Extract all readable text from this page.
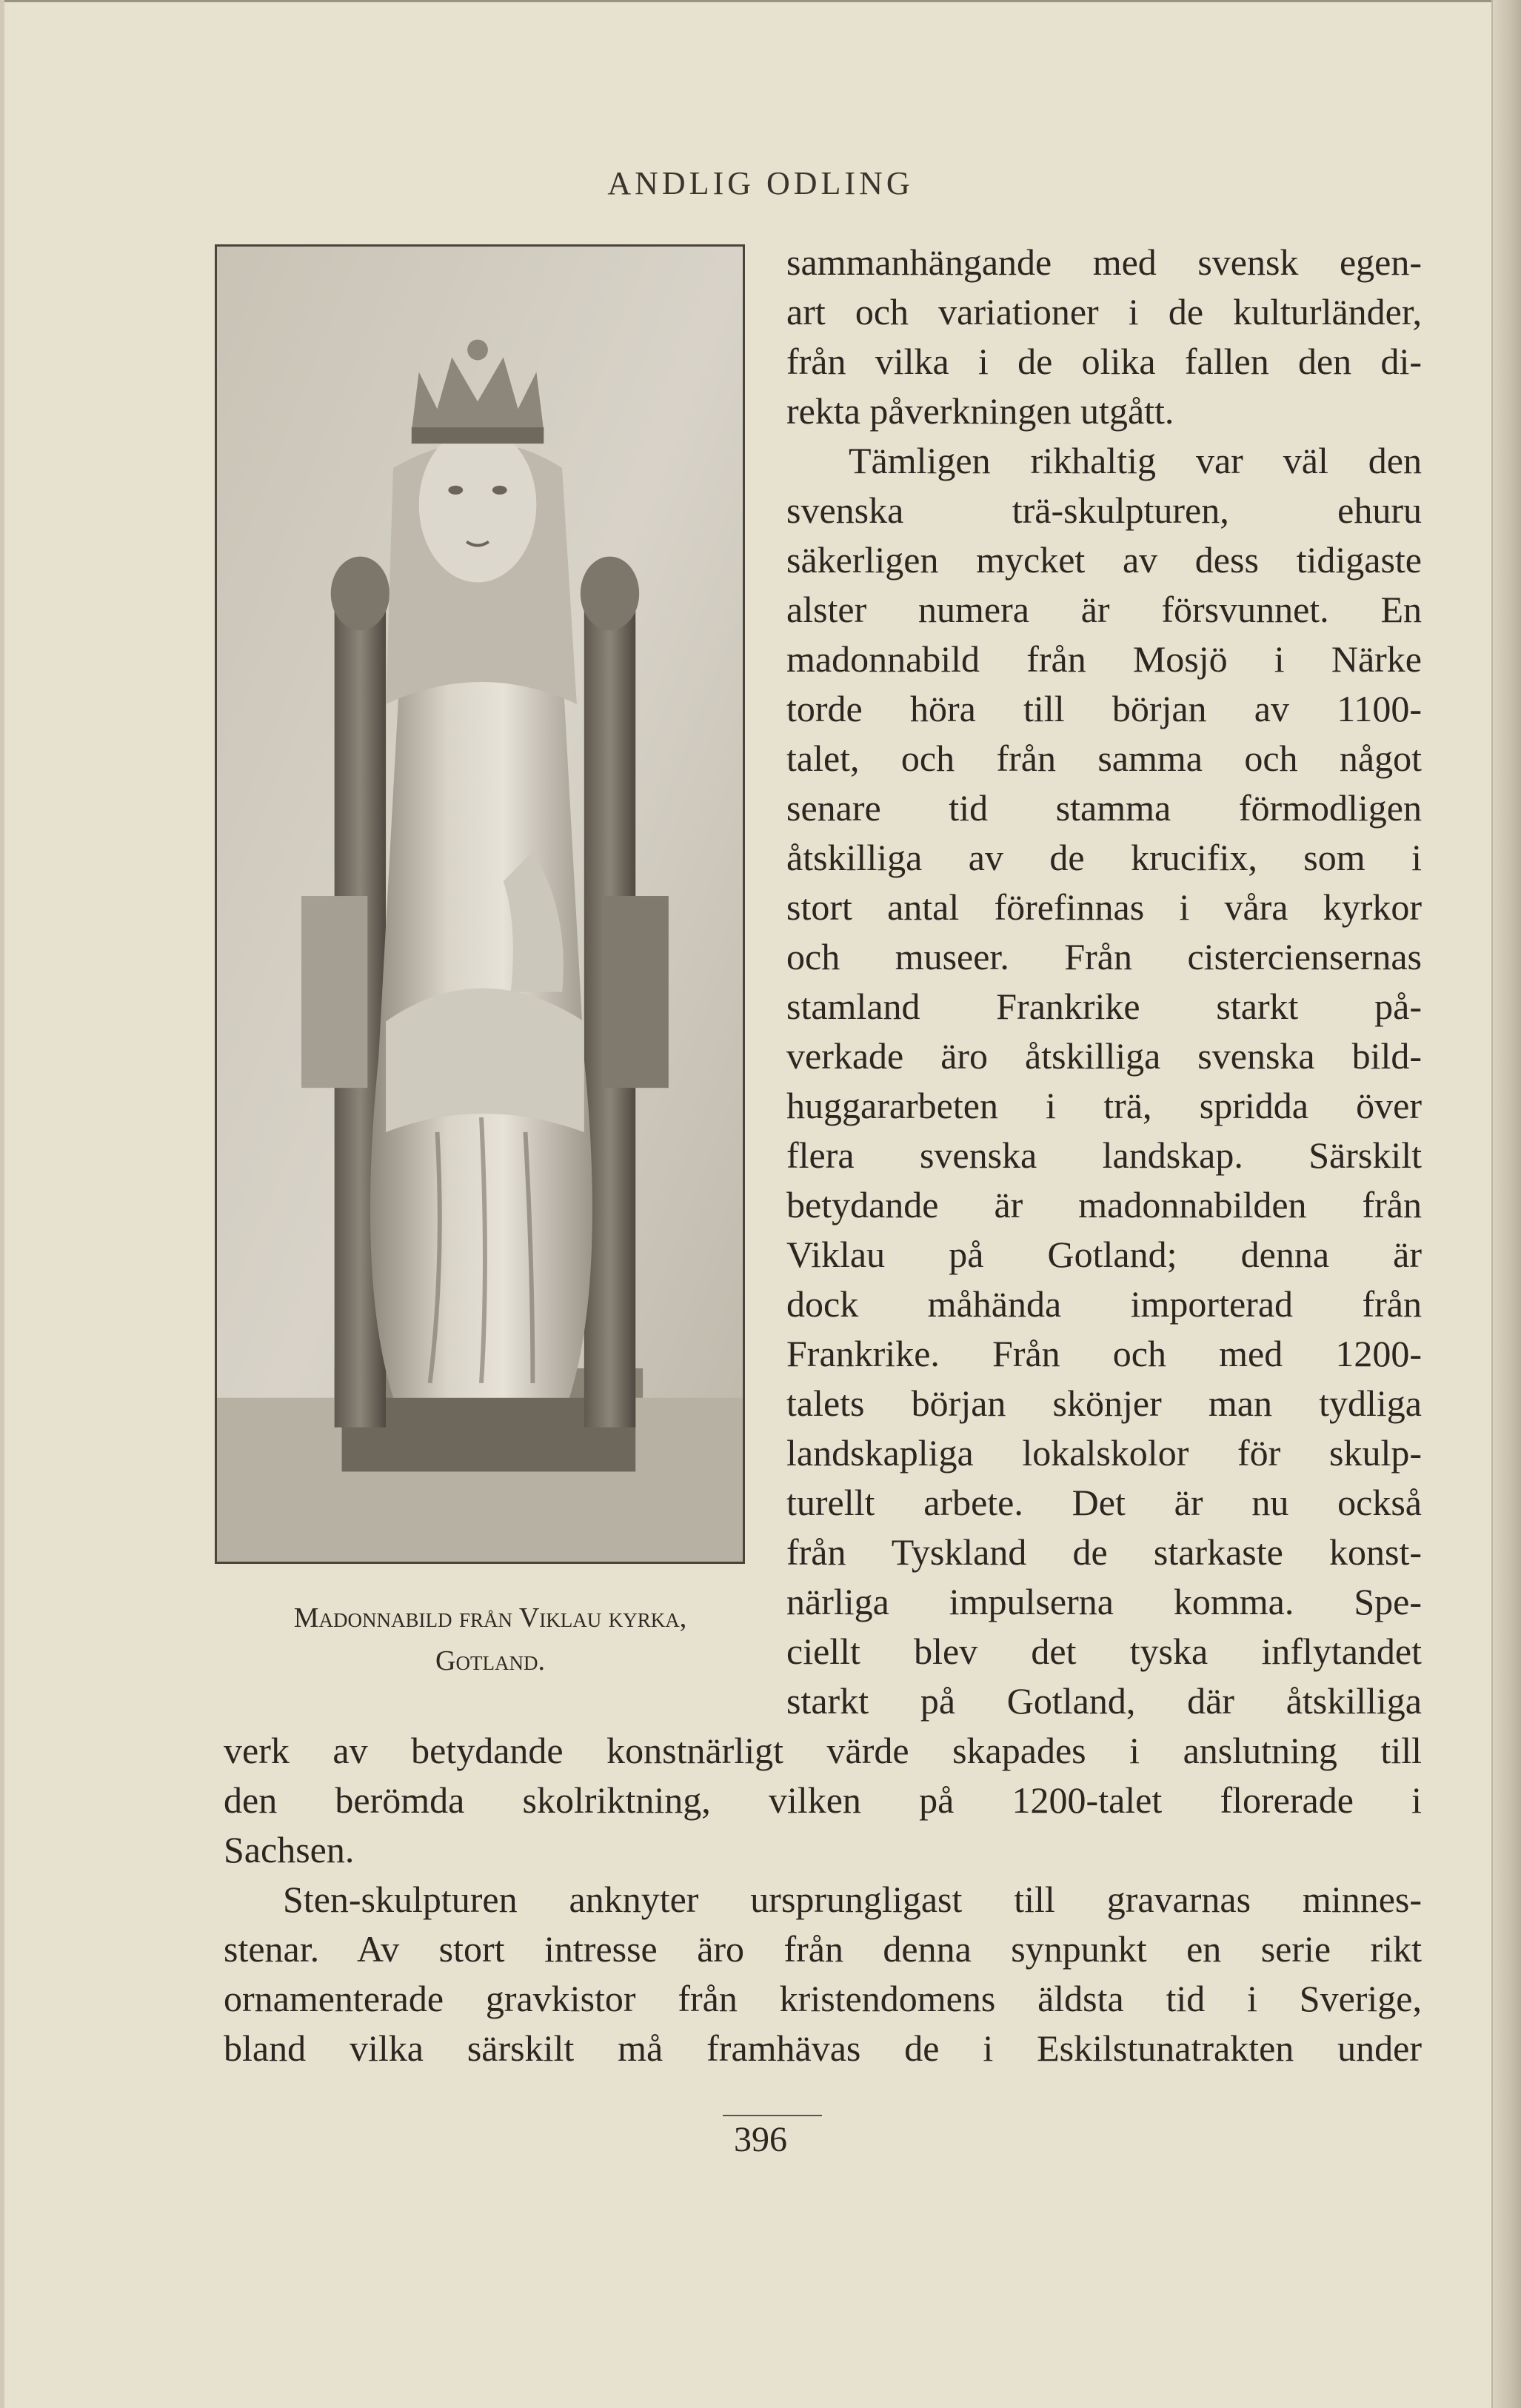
ANDLIG ODLING
Madonnabild från Viklau kyrka,
Gotland.
sammanhängande med svensk egen-
art och variationer i de kulturländer,
från vilka i de olika fallen den di-
rekta påverkningen utgått.
Tämligen rikhaltig var väl den
svenska trä-skulpturen, ehuru
säkerligen mycket av dess tidigaste
alster numera är försvunnet. En
madonnabild från Mosjö i Närke
torde höra till början av 1100-
talet, och från samma och något
senare tid stamma förmodligen
åtskilliga av de krucifix, som i
stort antal förefinnas i våra kyrkor
och museer. Från cisterciensernas
stamland Frankrike starkt på-
verkade äro åtskilliga svenska bild-
huggararbeten i trä, spridda över
flera svenska landskap. Särskilt
betydande är madonnabilden från
Viklau på Gotland; denna är
dock måhända importerad från
Frankrike. Från och med 1200-
talets början skönjer man tydliga
landskapliga lokalskolor för skulp-
turellt arbete. Det är nu också
från Tyskland de starkaste konst-
närliga impulserna komma. Spe-
ciellt blev det tyska inflytandet
starkt på Gotland, där åtskilliga
verk av betydande konstnärligt värde skapades i anslutning till
den berömda skolriktning, vilken på 1200-talet florerade i
Sachsen.
Sten-skulpturen anknyter ursprungligast till gravarnas minnes-
stenar. Av stort intresse äro från denna synpunkt en serie rikt
ornamenterade gravkistor från kristendomens äldsta tid i Sverige,
bland vilka särskilt må framhävas de i Eskilstunatrakten under
396
